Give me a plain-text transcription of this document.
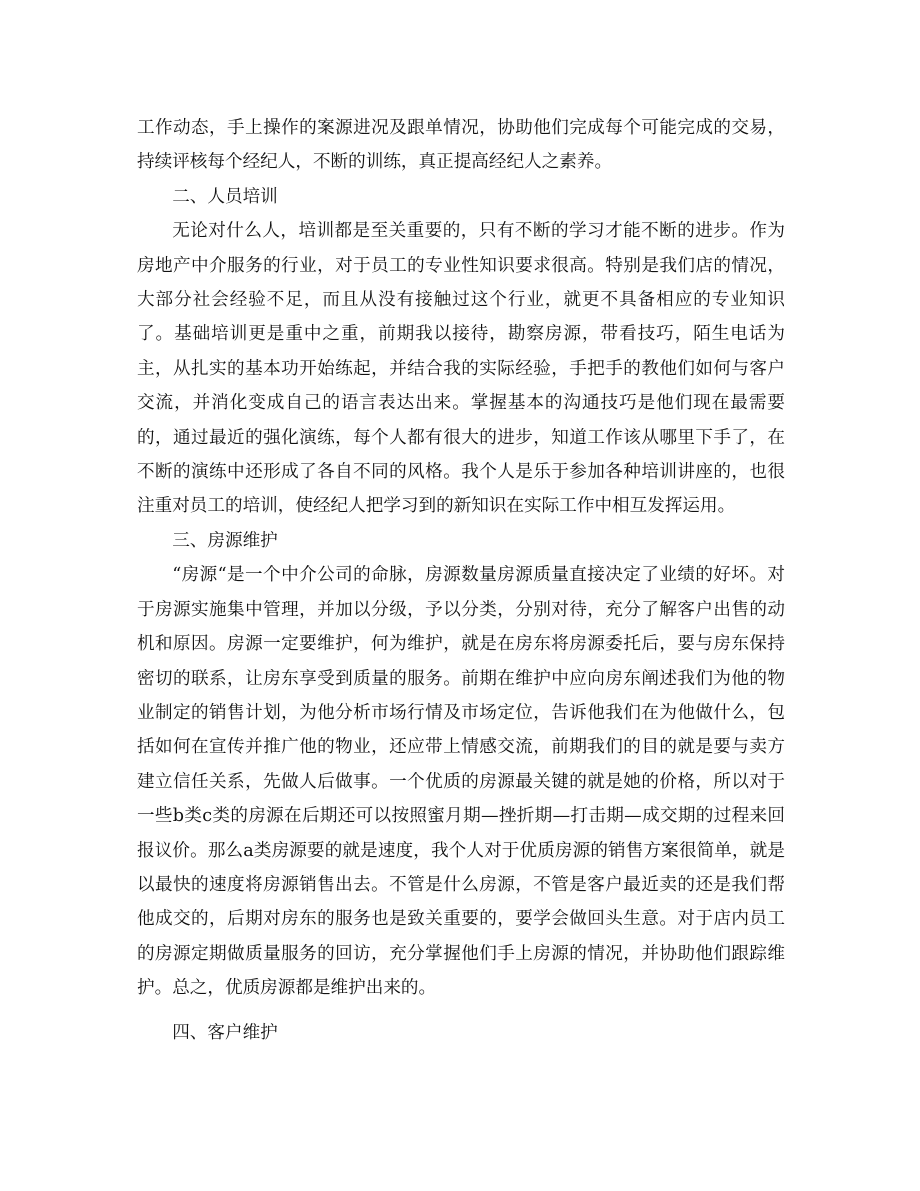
工作动态，手上操作的案源进况及跟单情况，协助他们完成每个可能完成的交易，持续评核每个经纪人，不断的训练，真正提高经纪人之素养。

二、人员培训

无论对什么人，培训都是至关重要的，只有不断的学习才能不断的进步。作为房地产中介服务的行业，对于员工的专业性知识要求很高。特别是我们店的情况，大部分社会经验不足，而且从没有接触过这个行业，就更不具备相应的专业知识了。基础培训更是重中之重，前期我以接待，勘察房源，带看技巧，陌生电话为主，从扎实的基本功开始练起，并结合我的实际经验，手把手的教他们如何与客户交流，并消化变成自己的语言表达出来。掌握基本的沟通技巧是他们现在最需要的，通过最近的强化演练，每个人都有很大的进步，知道工作该从哪里下手了，在不断的演练中还形成了各自不同的风格。我个人是乐于参加各种培训讲座的，也很注重对员工的培训，使经纪人把学习到的新知识在实际工作中相互发挥运用。

三、房源维护

“房源“是一个中介公司的命脉，房源数量房源质量直接决定了业绩的好坏。对于房源实施集中管理，并加以分级，予以分类，分别对待，充分了解客户出售的动机和原因。房源一定要维护，何为维护，就是在房东将房源委托后，要与房东保持密切的联系，让房东享受到质量的服务。前期在维护中应向房东阐述我们为他的物业制定的销售计划，为他分析市场行情及市场定位，告诉他我们在为他做什么，包括如何在宣传并推广他的物业，还应带上情感交流，前期我们的目的就是要与卖方建立信任关系，先做人后做事。一个优质的房源最关键的就是她的价格，所以对于一些b类c类的房源在后期还可以按照蜜月期—挫折期—打击期—成交期的过程来回报议价。那么a类房源要的就是速度，我个人对于优质房源的销售方案很简单，就是以最快的速度将房源销售出去。不管是什么房源，不管是客户最近卖的还是我们帮他成交的，后期对房东的服务也是致关重要的，要学会做回头生意。对于店内员工的房源定期做质量服务的回访，充分掌握他们手上房源的情况，并协助他们跟踪维护。总之，优质房源都是维护出来的。

四、客户维护
